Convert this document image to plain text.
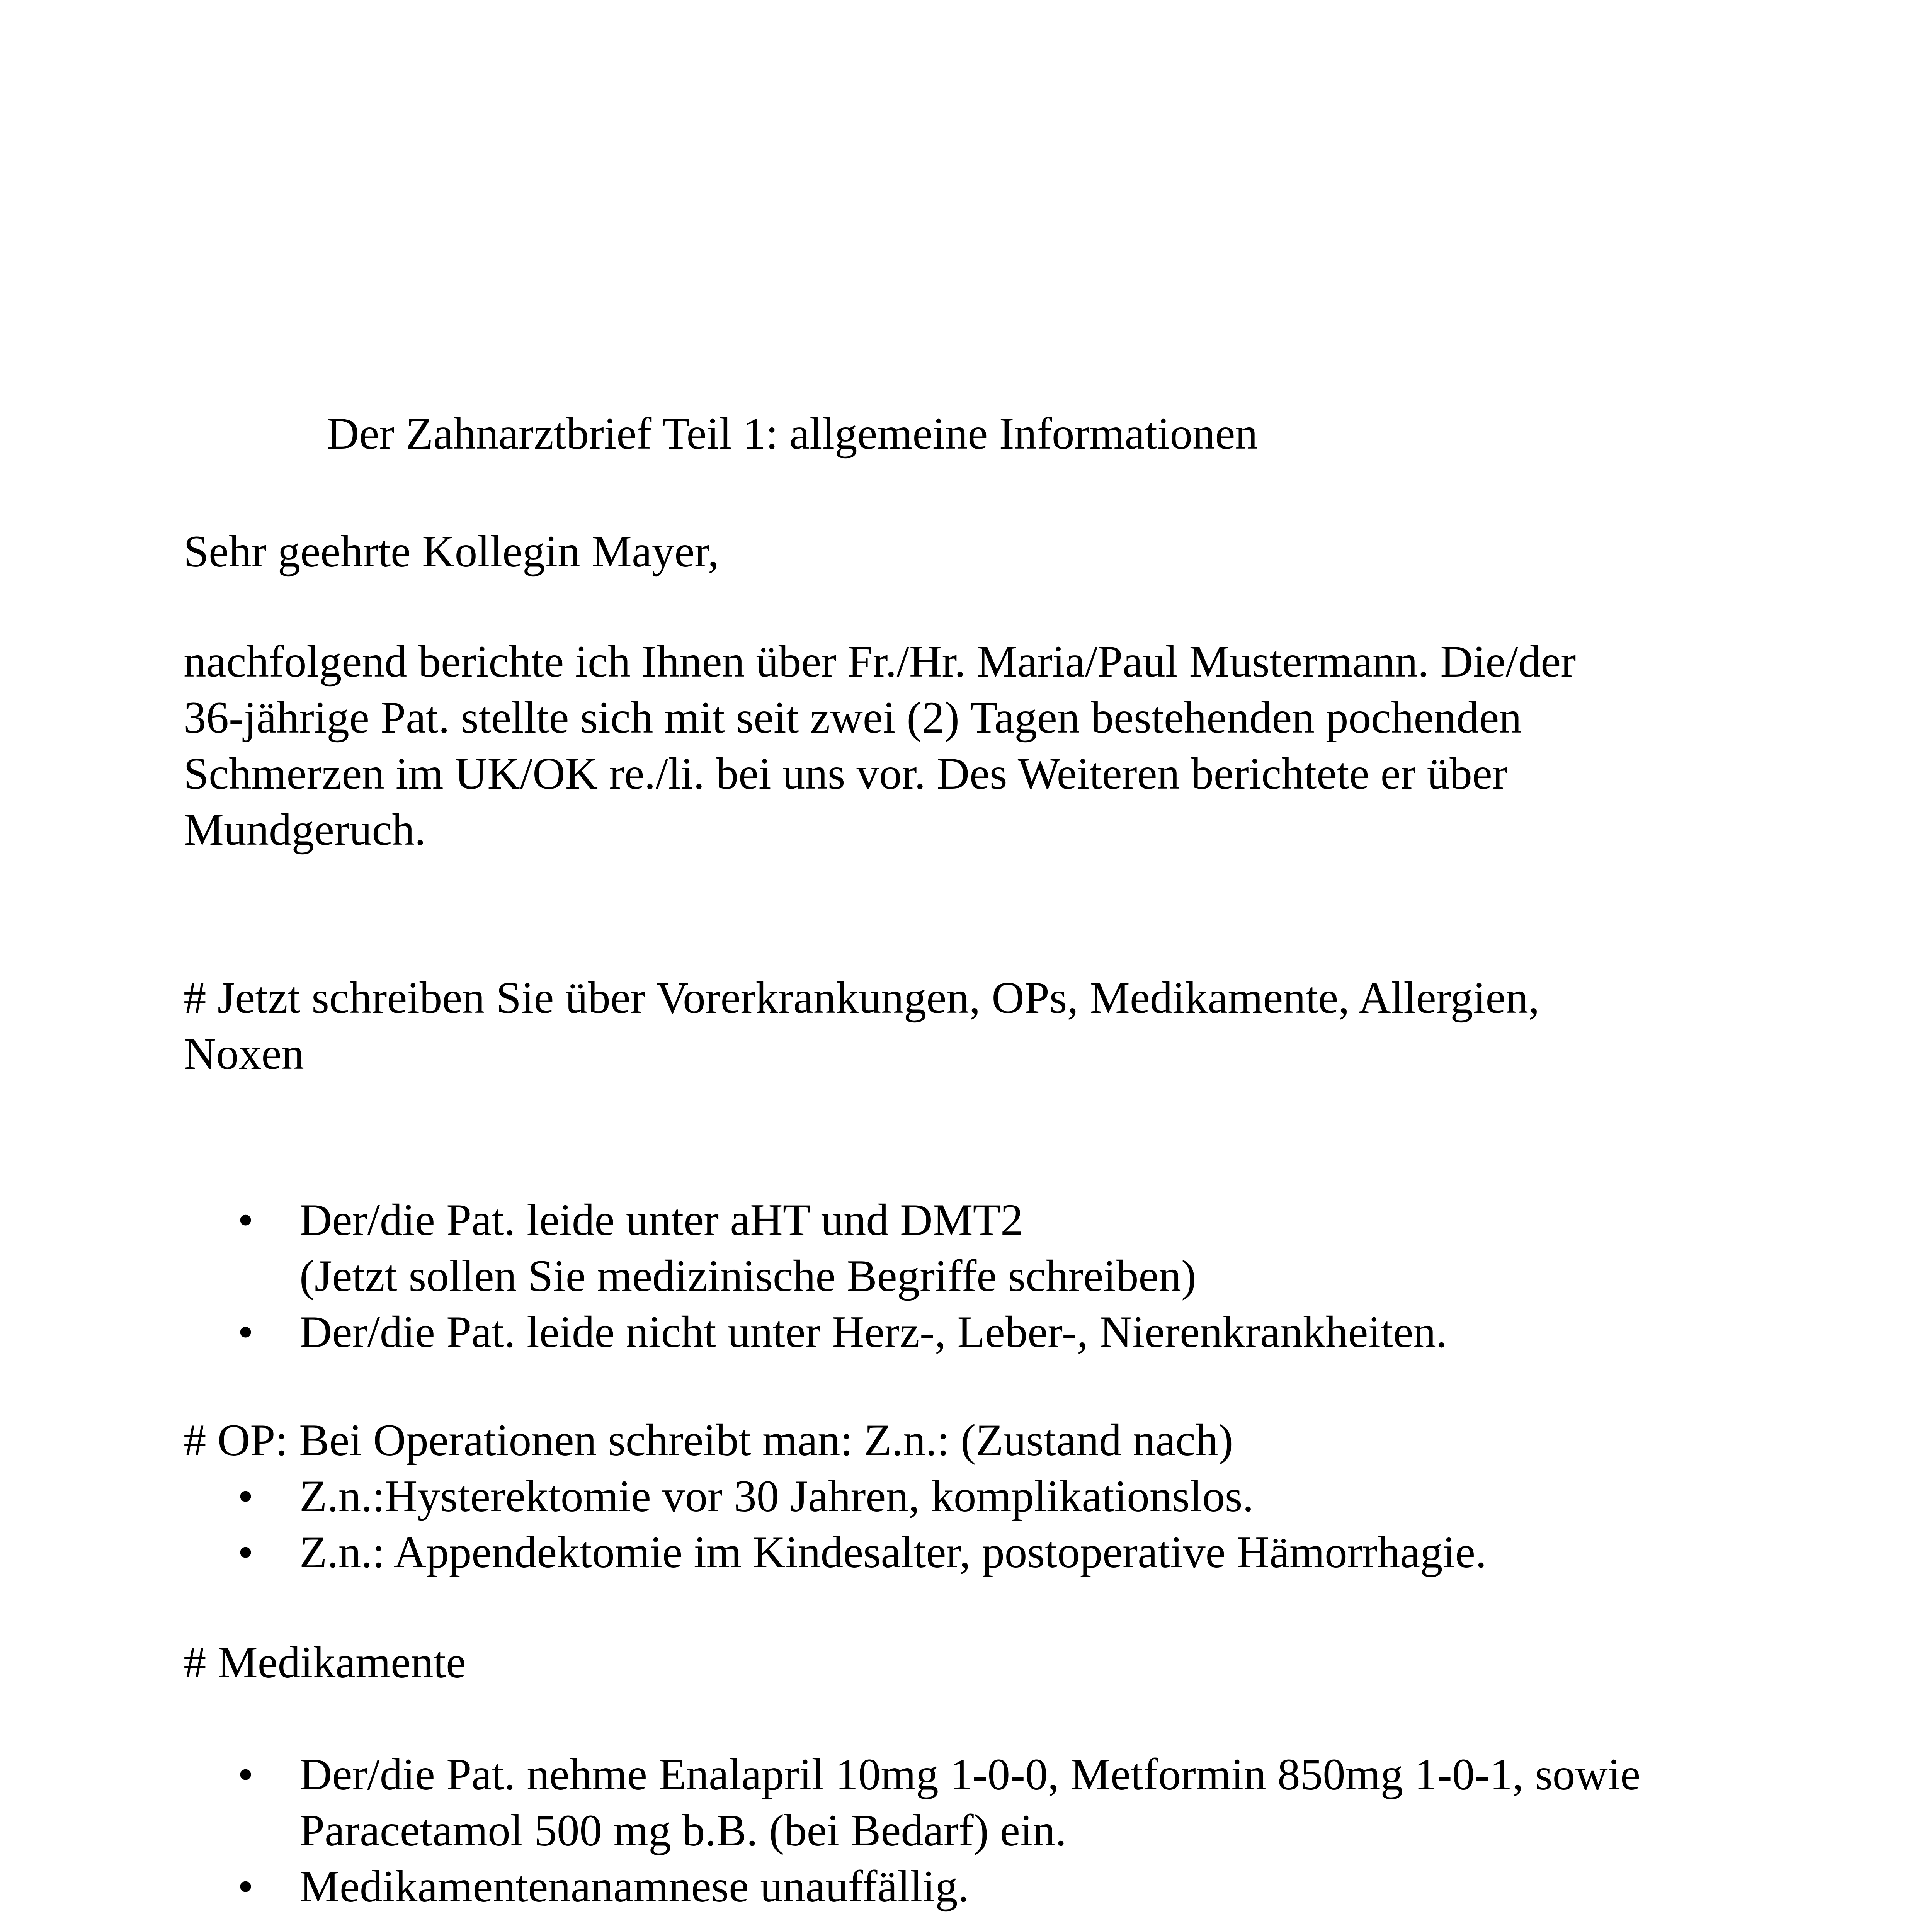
Der Zahnarztbrief Teil 1: allgemeine Informationen

Sehr geehrte Kollegin Mayer,

nachfolgend berichte ich Ihnen über Fr./Hr. Maria/Paul Mustermann. Die/der

36-jährige Pat. stellte sich mit seit zwei (2) Tagen bestehenden pochenden

Schmerzen im UK/OK re./li. bei uns vor. Des Weiteren berichtete er über

Mundgeruch.

# Jetzt schreiben Sie über Vorerkrankungen, OPs, Medikamente, Allergien,

Noxen

• Der/die Pat. leide unter aHT und DMT2

(Jetzt sollen Sie medizinische Begriffe schreiben)

• Der/die Pat. leide nicht unter Herz-, Leber-, Nierenkrankheiten.

# OP: Bei Operationen schreibt man: Z.n.: (Zustand nach)

• Z.n.:Hysterektomie vor 30 Jahren, komplikationslos.

• Z.n.: Appendektomie im Kindesalter, postoperative Hämorrhagie.

# Medikamente

• Der/die Pat. nehme Enalapril 10mg 1-0-0, Metformin 850mg 1-0-1, sowie

Paracetamol 500 mg b.B. (bei Bedarf) ein.

• Medikamentenanamnese unauffällig.
